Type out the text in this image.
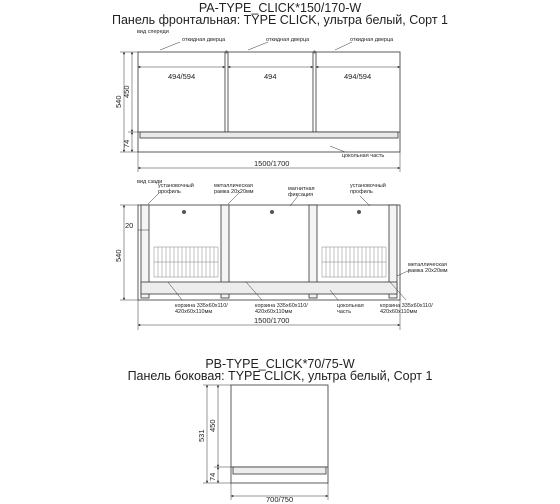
PA-TYPE_CLICK*150/170-W
Панель фронтальная: TYPE CLICK, ультра белый, Сорт 1
PB-TYPE_CLICK*70/75-W
Панель боковая: TYPE CLICK, ультра белый, Сорт 1
вид спереди
откидная дверца	откидная дверца	откидная дверца
494/594	494	494/594
540
450
74
цокольная часть
1500/1700
вид сзади
установочный
профиль
металлическая
рамка 20х20мм	магнитная
фиксация
установочный
профиль
металлическая
рамка 20х20мм
20
540
корзина 335х60х110/
420х60х110мм
корзина 335х60х110/
420х60х110мм
цокольная
часть
корзина 335х60х110/
420х60х110мм
1500/1700
531
450
74
700/750
